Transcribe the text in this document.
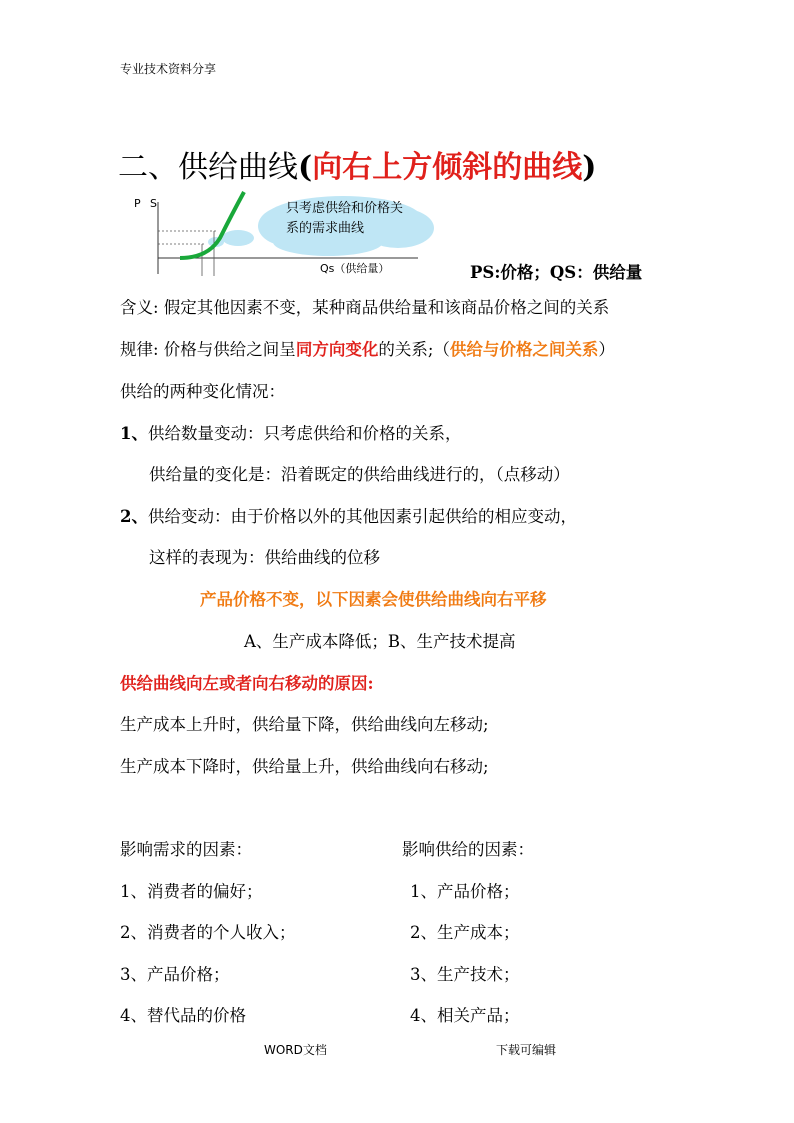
专业技术资料分享
二、供给曲线(向右上方倾斜的曲线)
P S
Qs（供给量）
只考虑供给和价格关
系的需求曲线
PS:价格；QS：供给量
含义: 假定其他因素不变，某种商品供给量和该商品价格之间的关系
规律: 价格与供给之间呈同方向变化的关系;（供给与价格之间关系）
供给的两种变化情况：
1、供给数量变动：只考虑供给和价格的关系，
供给量的变化是：沿着既定的供给曲线进行的，（点移动）
2、供给变动：由于价格以外的其他因素引起供给的相应变动，
这样的表现为：供给曲线的位移
产品价格不变，以下因素会使供给曲线向右平移
A、生产成本降低；B、生产技术提高
供给曲线向左或者向右移动的原因:
生产成本上升时，供给量下降，供给曲线向左移动;
生产成本下降时，供给量上升，供给曲线向右移动;
影响需求的因素：	影响供给的因素：
1、消费者的偏好；	1、产品价格；
2、消费者的个人收入；	2、生产成本；
3、产品价格；	3、生产技术；
4、替代品的价格	4、相关产品；
WORD文档	下载可编辑
